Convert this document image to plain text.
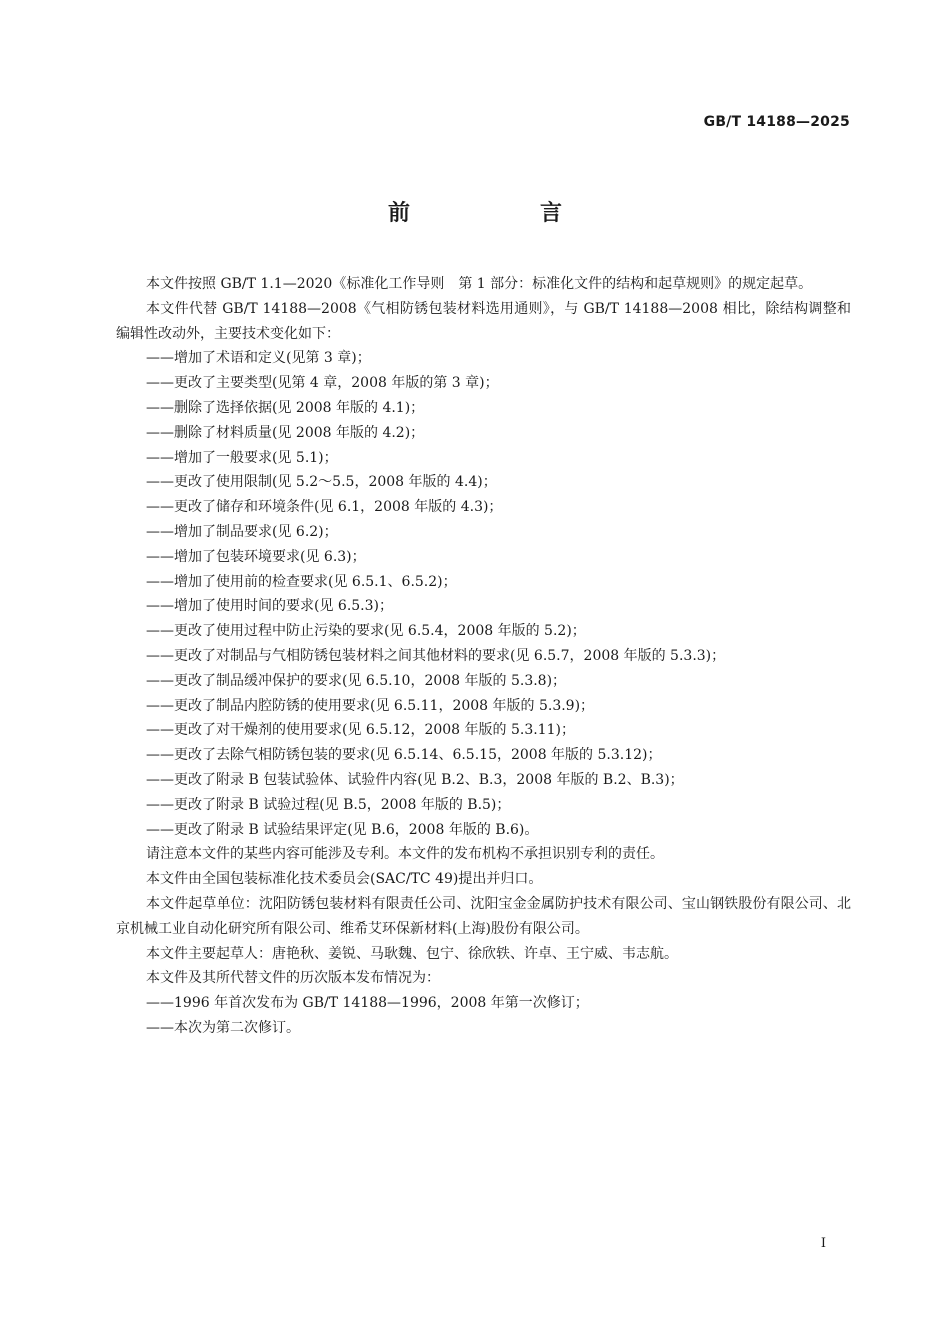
GB/T 14188—2025
前　言

本文件按照 GB/T 1.1—2020《标准化工作导则　第 1 部分：标准化文件的结构和起草规则》的规定起草。

本文件代替 GB/T 14188—2008《气相防锈包装材料选用通则》，与 GB/T 14188—2008 相比，除结构调整和编辑性改动外，主要技术变化如下：

——增加了术语和定义(见第 3 章)；

——更改了主要类型(见第 4 章，2008 年版的第 3 章)；

——删除了选择依据(见 2008 年版的 4.1)；

——删除了材料质量(见 2008 年版的 4.2)；

——增加了一般要求(见 5.1)；

——更改了使用限制(见 5.2～5.5，2008 年版的 4.4)；

——更改了储存和环境条件(见 6.1，2008 年版的 4.3)；

——增加了制品要求(见 6.2)；

——增加了包装环境要求(见 6.3)；

——增加了使用前的检查要求(见 6.5.1、6.5.2)；

——增加了使用时间的要求(见 6.5.3)；

——更改了使用过程中防止污染的要求(见 6.5.4，2008 年版的 5.2)；

——更改了对制品与气相防锈包装材料之间其他材料的要求(见 6.5.7，2008 年版的 5.3.3)；

——更改了制品缓冲保护的要求(见 6.5.10，2008 年版的 5.3.8)；

——更改了制品内腔防锈的使用要求(见 6.5.11，2008 年版的 5.3.9)；

——更改了对干燥剂的使用要求(见 6.5.12，2008 年版的 5.3.11)；

——更改了去除气相防锈包装的要求(见 6.5.14、6.5.15，2008 年版的 5.3.12)；

——更改了附录 B 包装试验体、试验件内容(见 B.2、B.3，2008 年版的 B.2、B.3)；

——更改了附录 B 试验过程(见 B.5，2008 年版的 B.5)；

——更改了附录 B 试验结果评定(见 B.6，2008 年版的 B.6)。

请注意本文件的某些内容可能涉及专利。本文件的发布机构不承担识别专利的责任。

本文件由全国包装标准化技术委员会(SAC/TC 49)提出并归口。

本文件起草单位：沈阳防锈包装材料有限责任公司、沈阳宝金金属防护技术有限公司、宝山钢铁股份有限公司、北京机械工业自动化研究所有限公司、维希艾环保新材料(上海)股份有限公司。

本文件主要起草人：唐艳秋、姜锐、马耿魏、包宁、徐欣轶、许卓、王宁威、韦志航。

本文件及其所代替文件的历次版本发布情况为：

——1996 年首次发布为 GB/T 14188—1996，2008 年第一次修订；

——本次为第二次修订。

I
